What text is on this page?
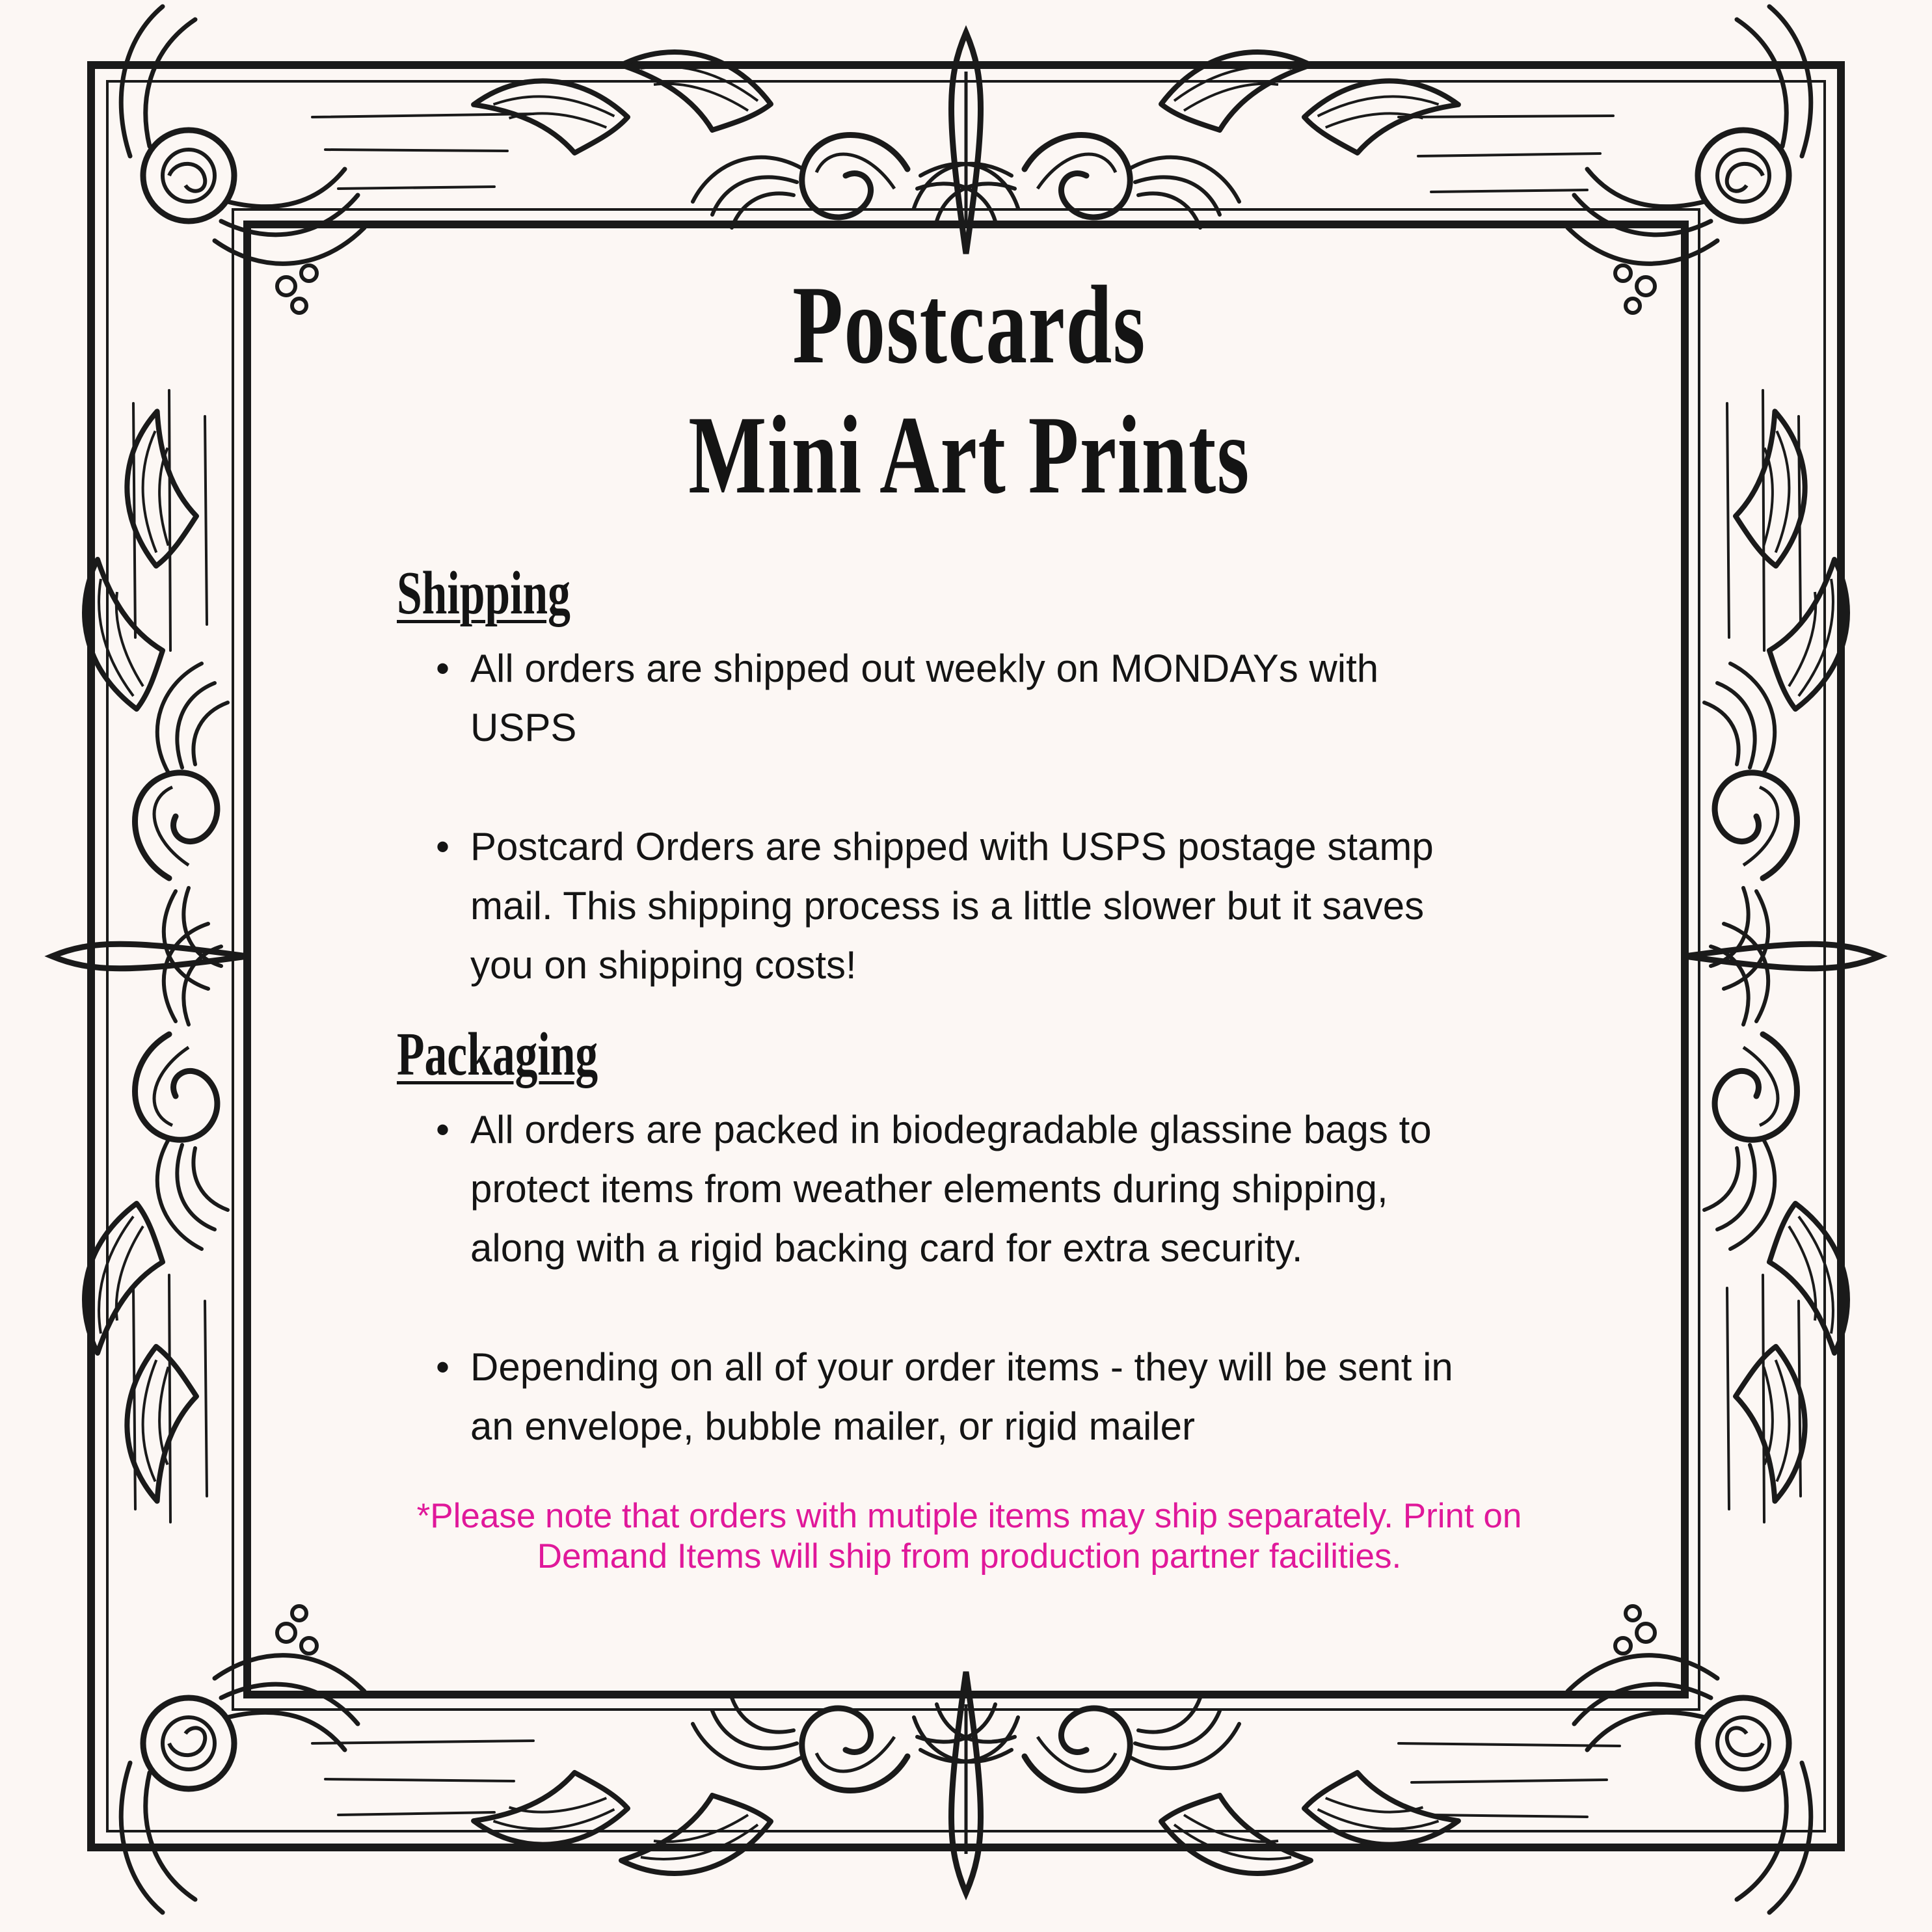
Postcards
Mini Art Prints
Shipping
• All orders are shipped out weekly on MONDAYs with USPS
• Postcard Orders are shipped with USPS postage stamp mail. This shipping process is a little slower but it saves you on shipping costs!
Packaging
• All orders are packed in biodegradable glassine bags to protect items from weather elements during shipping, along with a rigid backing card for extra security.
• Depending on all of your order items - they will be sent in an envelope, bubble mailer, or rigid mailer

*Please note that orders with mutiple items may ship separately. Print on Demand Items will ship from production partner facilities.
